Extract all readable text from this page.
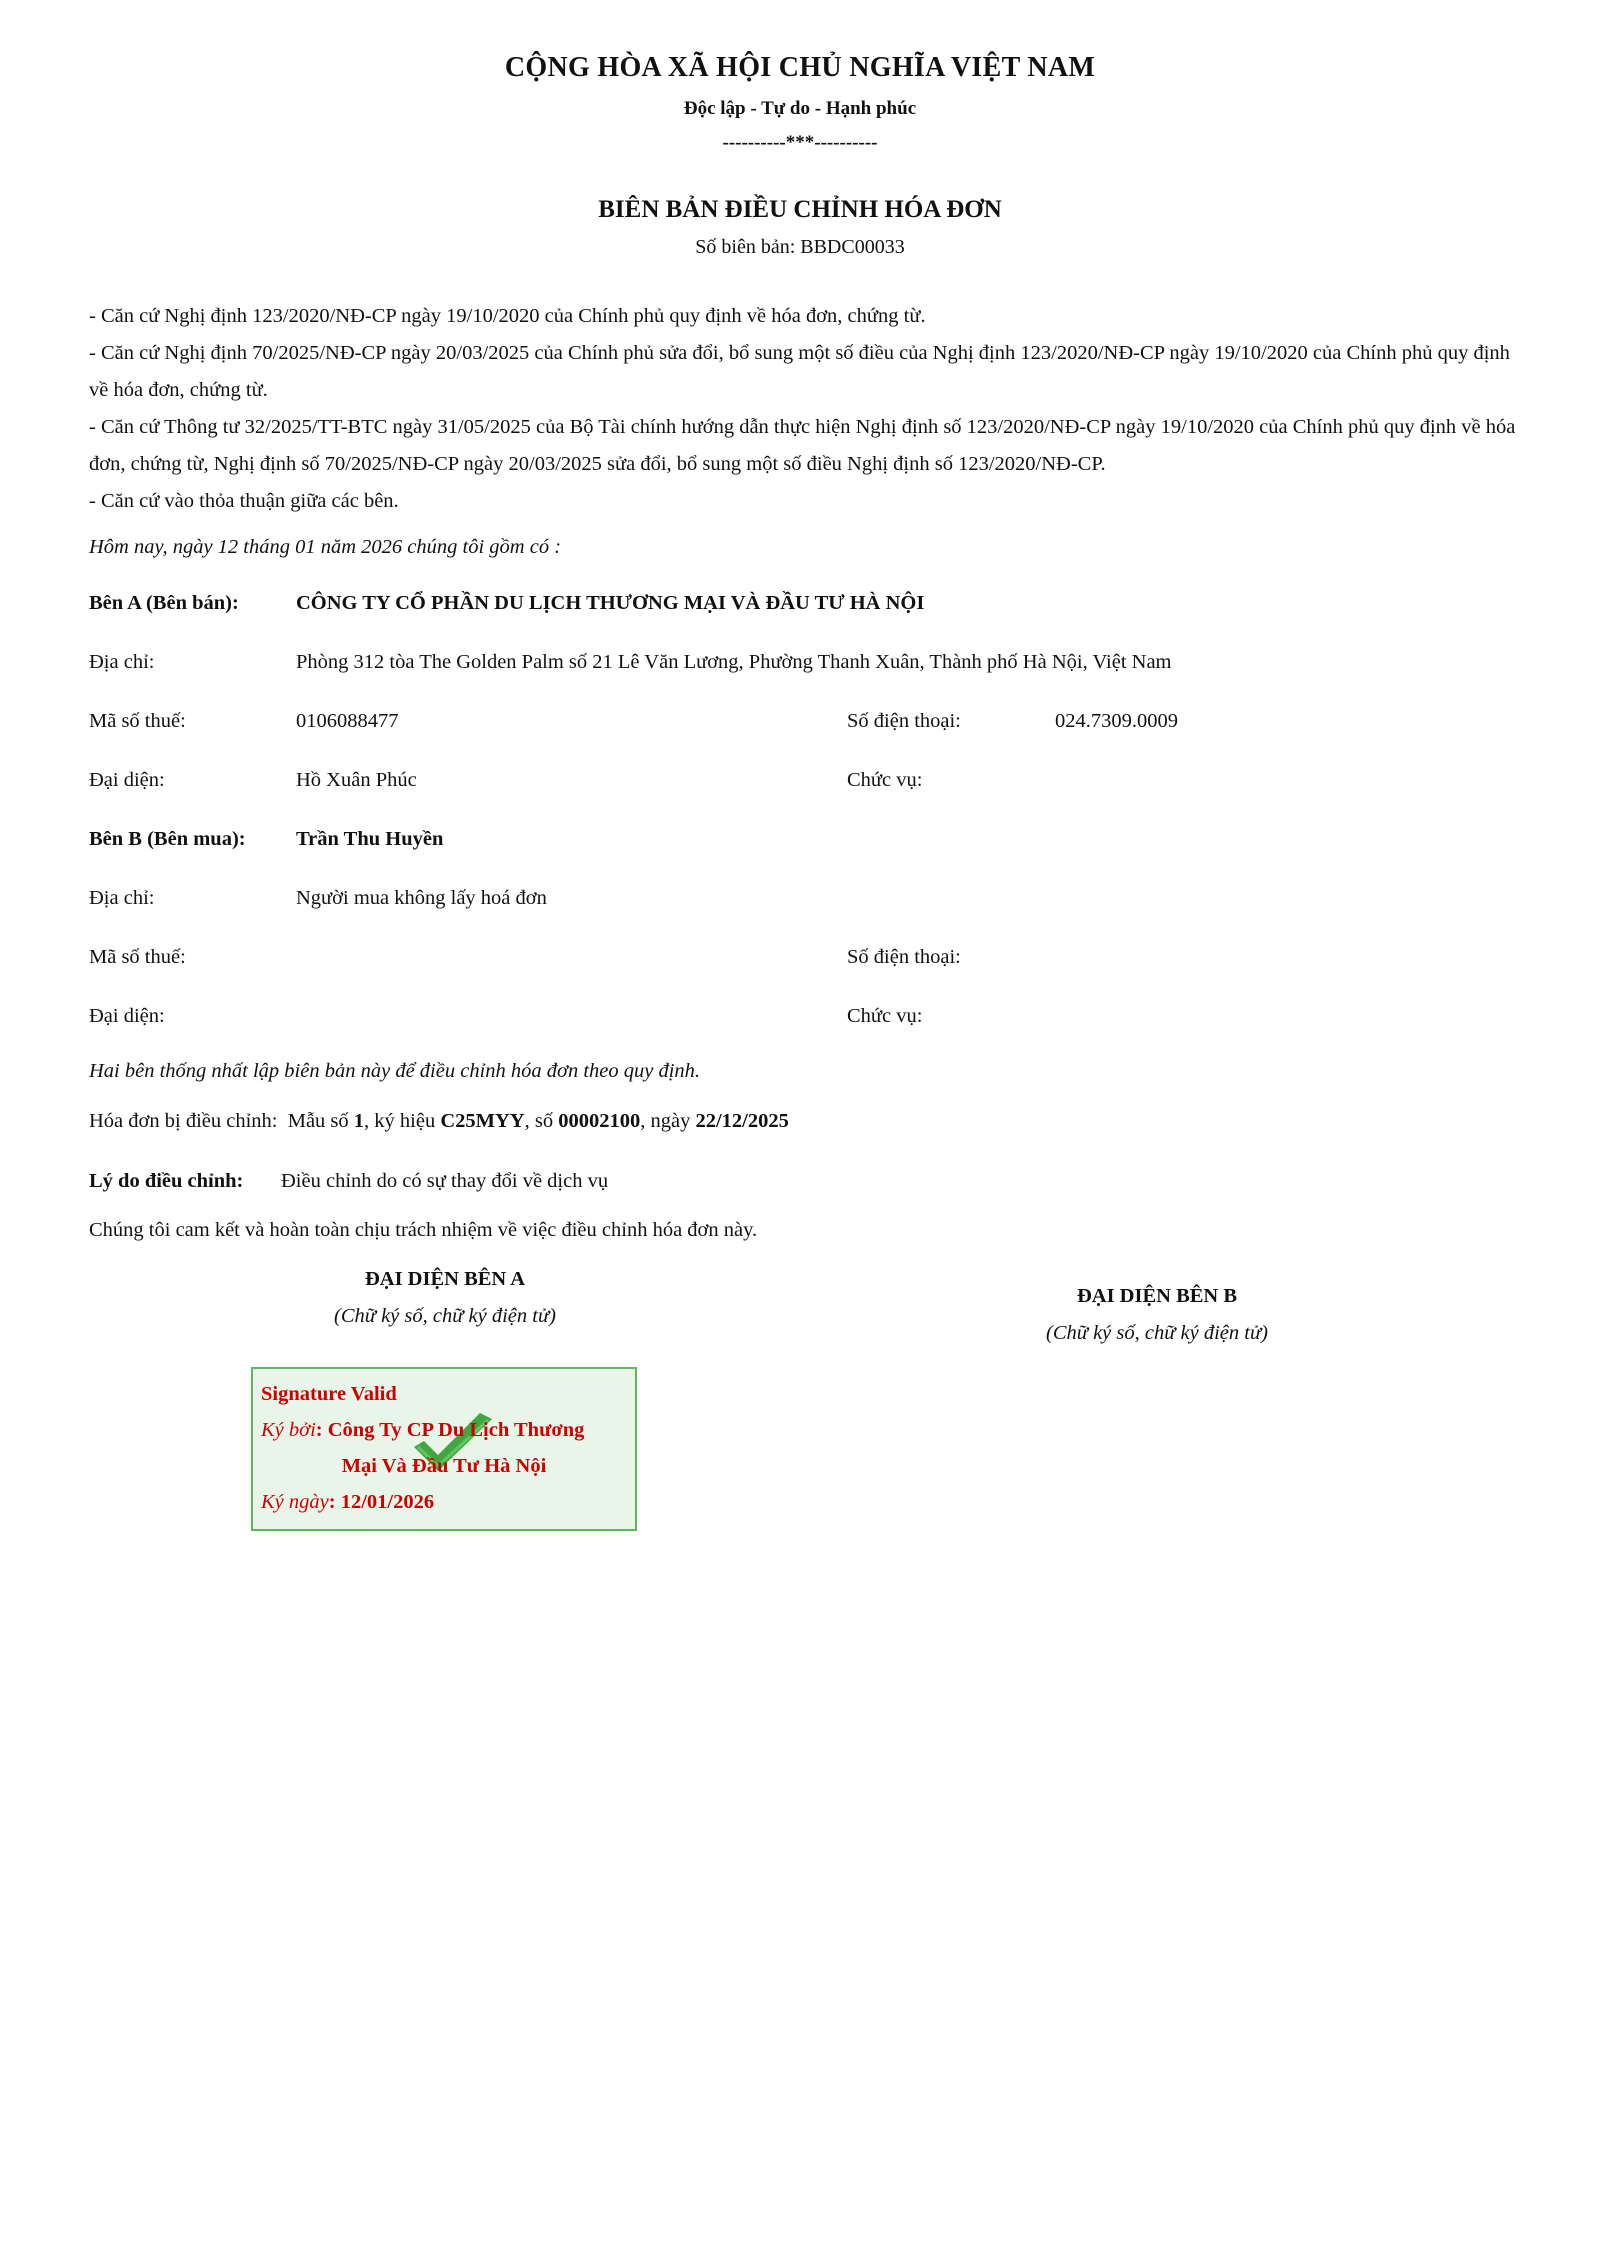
CỘNG HÒA XÃ HỘI CHỦ NGHĨA VIỆT NAM
Độc lập - Tự do - Hạnh phúc
----------***----------
BIÊN BẢN ĐIỀU CHỈNH HÓA ĐƠN
Số biên bản: BBDC00033

- Căn cứ Nghị định 123/2020/NĐ-CP ngày 19/10/2020 của Chính phủ quy định về hóa đơn, chứng từ.

- Căn cứ Nghị định 70/2025/NĐ-CP ngày 20/03/2025 của Chính phủ sửa đổi, bổ sung một số điều của Nghị định 123/2020/NĐ-CP ngày 19/10/2020 của Chính phủ quy định về hóa đơn, chứng từ.

- Căn cứ Thông tư 32/2025/TT-BTC ngày 31/05/2025 của Bộ Tài chính hướng dẫn thực hiện Nghị định số 123/2020/NĐ-CP ngày 19/10/2020 của Chính phủ quy định về hóa đơn, chứng từ, Nghị định số 70/2025/NĐ-CP ngày 20/03/2025 sửa đổi, bổ sung một số điều Nghị định số 123/2020/NĐ-CP.

- Căn cứ vào thỏa thuận giữa các bên.

Hôm nay, ngày 12 tháng 01 năm 2026 chúng tôi gồm có :
Bên A (Bên bán):	CÔNG TY CỔ PHẦN DU LỊCH THƯƠNG MẠI VÀ ĐẦU TƯ HÀ NỘI
Địa chỉ:	Phòng 312 tòa The Golden Palm số 21 Lê Văn Lương, Phường Thanh Xuân, Thành phố Hà Nội, Việt Nam
Mã số thuế:	0106088477	Số điện thoại:	024.7309.0009
Đại diện:	Hồ Xuân Phúc	Chức vụ:
Bên B (Bên mua): Trần Thu Huyền
Địa chỉ:	Người mua không lấy hoá đơn
Mã số thuế:	Số điện thoại:
Đại diện:	Chức vụ:
Hai bên thống nhất lập biên bản này để điều chỉnh hóa đơn theo quy định.
Hóa đơn bị điều chỉnh: Mẫu số 1, ký hiệu C25MYY, số 00002100, ngày 22/12/2025
Lý do điều chỉnh: Điều chỉnh do có sự thay đổi về dịch vụ
Chúng tôi cam kết và hoàn toàn chịu trách nhiệm về việc điều chỉnh hóa đơn này.
ĐẠI DIỆN BÊN A
(Chữ ký số, chữ ký điện tử)
ĐẠI DIỆN BÊN B
(Chữ ký số, chữ ký điện tử)
Signature Valid
Ký bởi: Công Ty CP Du Lịch Thương
Mại Và Đầu Tư Hà Nội
Ký ngày: 12/01/2026
